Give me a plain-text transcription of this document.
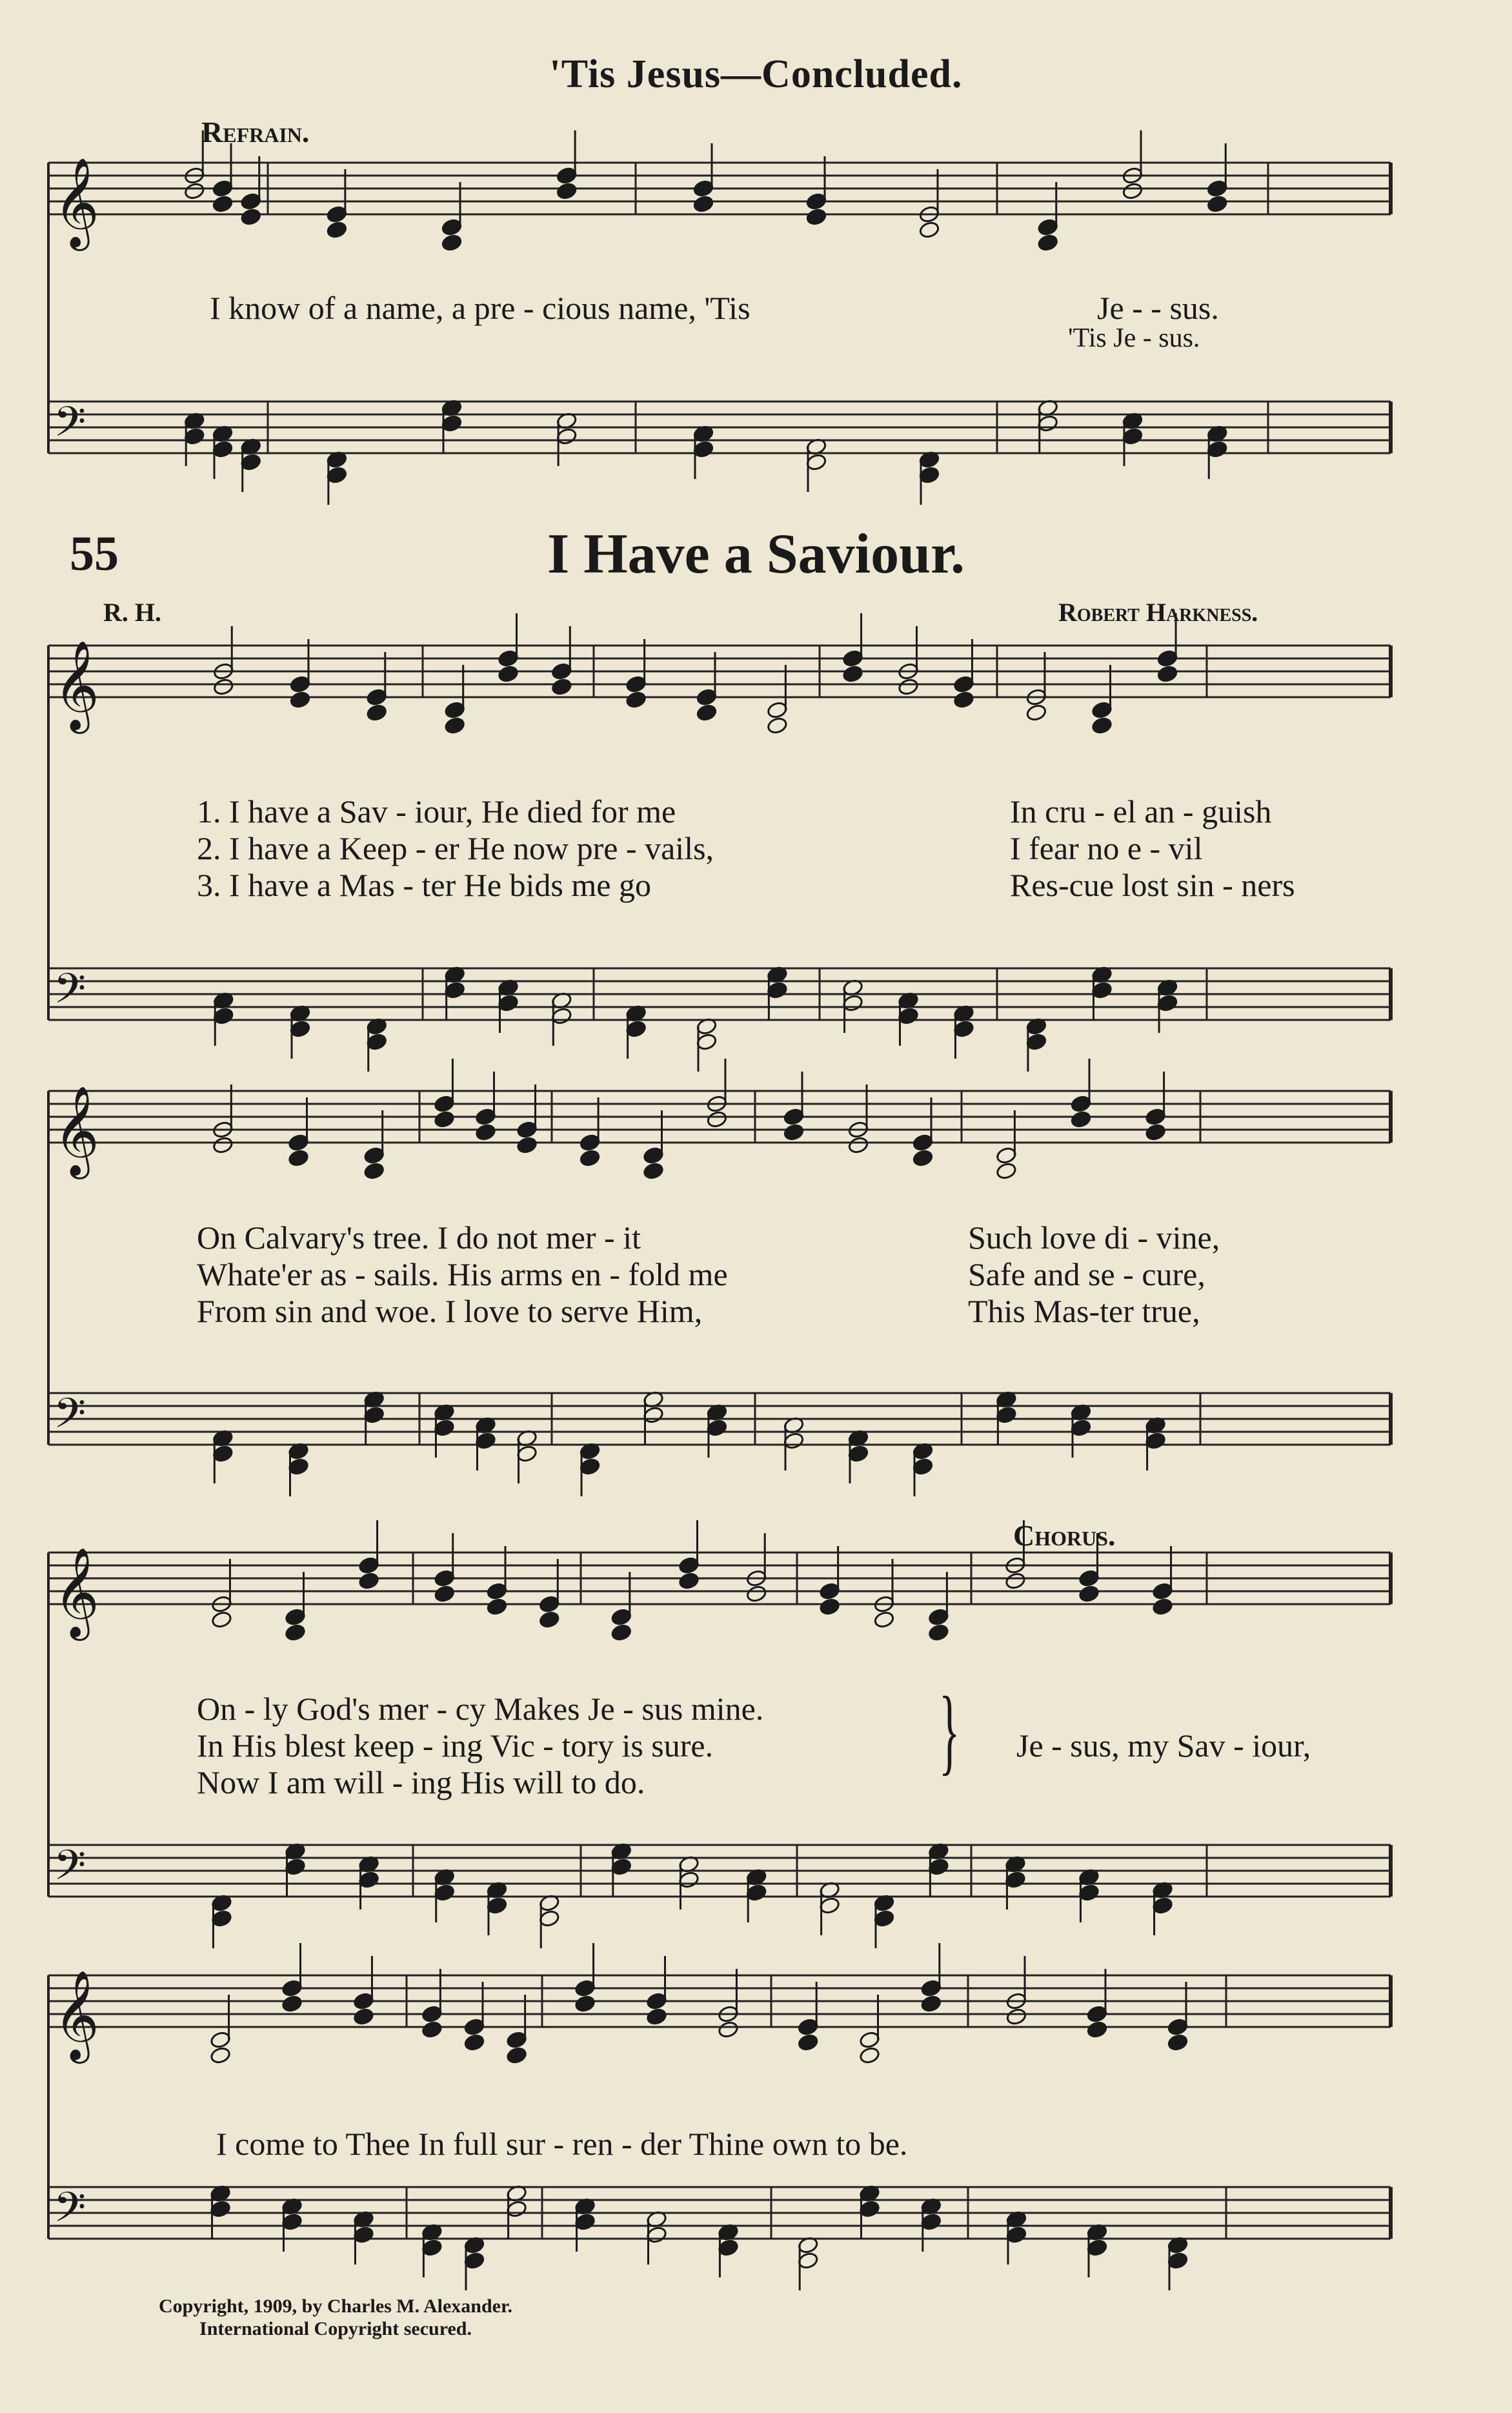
'Tis Jesus—Concluded.
Refrain.
𝄞
𝄢
𝄞
𝄢
𝄞
𝄢
𝄞
𝄢
𝄞
𝄢
I know of a name, a pre - cious name, 'Tis	Je - - sus.
'Tis Je - sus.
55	I Have a Saviour.
R. H.	Robert Harkness.
1. I have a Sav - iour, He died for me
2. I have a Keep - er He now pre - vails,
3. I have a Mas - ter He bids me go
In cru - el an - guish
I fear no e - vil
Res-cue lost sin - ners
On Calvary's tree. I do not mer - it
Whate'er as - sails. His arms en - fold me
From sin and woe. I love to serve Him,
Such love di - vine,
Safe and se - cure,
This Mas-ter true,
Chorus.
On - ly God's mer - cy Makes Je - sus mine.
In His blest keep - ing Vic - tory is sure.
Now I am will - ing His will to do.	} Je - sus, my Sav - iour,
I come to Thee In full sur - ren - der Thine own to be.
Copyright, 1909, by Charles M. Alexander.
International Copyright secured.
